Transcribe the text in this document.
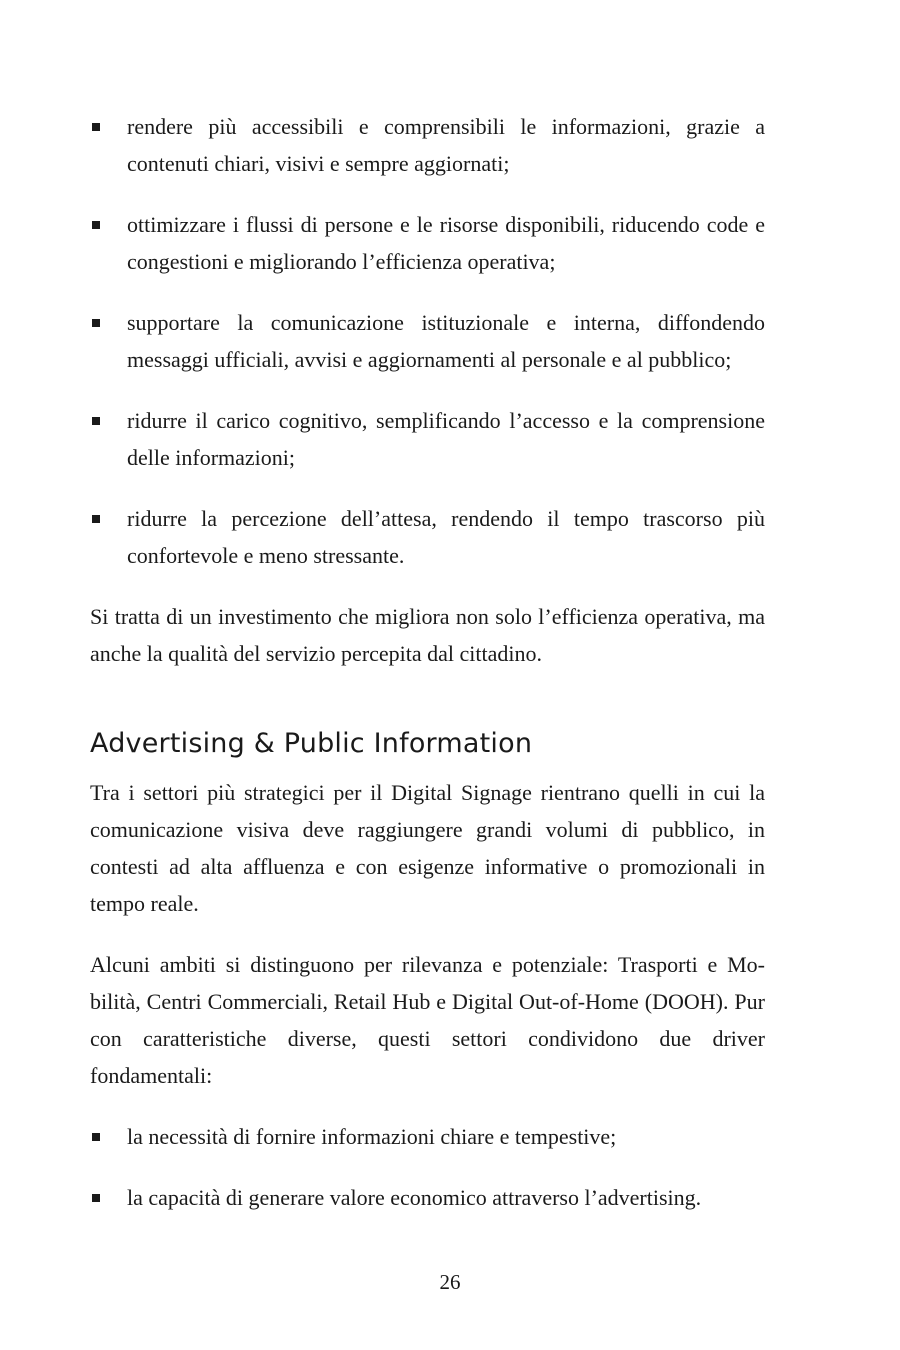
rendere più accessibili e comprensibili le informazioni, grazie a contenuti chiari, visivi e sempre aggiornati;
ottimizzare i flussi di persone e le risorse disponibili, riducendo code e congestioni e migliorando l’efficienza operativa;
supportare la comunicazione istituzionale e interna, diffondendo messaggi ufficiali, avvisi e aggiornamenti al personale e al pubblico;
ridurre il carico cognitivo, semplificando l’accesso e la comprensione delle informazioni;
ridurre la percezione dell’attesa, rendendo il tempo trascorso più confortevole e meno stressante.

Si tratta di un investimento che migliora non solo l’efficienza operativa, ma anche la qualità del servizio percepita dal cittadino.

Advertising & Public Information

Tra i settori più strategici per il Digital Signage rientrano quelli in cui la comunicazione visiva deve raggiungere grandi volumi di pubblico, in contesti ad alta affluenza e con esigenze informative o promozionali in tempo reale.

Alcuni ambiti si distinguono per rilevanza e potenziale: Trasporti e Mobilità, Centri Commerciali, Retail Hub e Digital Out-of-Home (DOOH). Pur con caratteristiche diverse, questi settori condividono due driver fondamentali:

la necessità di fornire informazioni chiare e tempestive;
la capacità di generare valore economico attraverso l’advertising.
26
